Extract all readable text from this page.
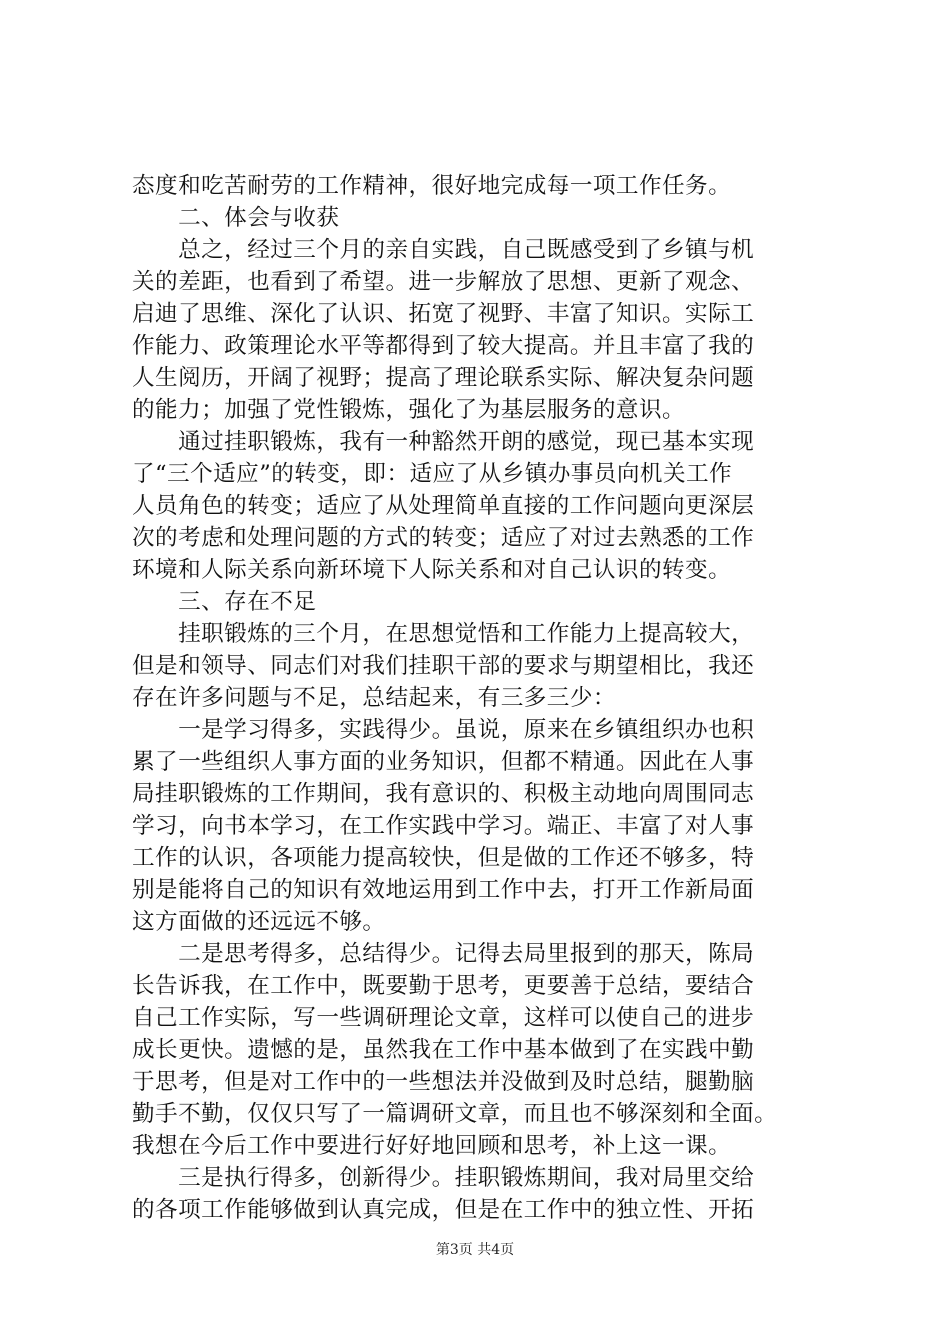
态度和吃苦耐劳的工作精神，很好地完成每一项工作任务。
　　二、体会与收获
　　总之，经过三个月的亲自实践，自己既感受到了乡镇与机
关的差距，也看到了希望。进一步解放了思想、更新了观念、
启迪了思维、深化了认识、拓宽了视野、丰富了知识。实际工
作能力、政策理论水平等都得到了较大提高。并且丰富了我的
人生阅历，开阔了视野；提高了理论联系实际、解决复杂问题
的能力；加强了党性锻炼，强化了为基层服务的意识。
　　通过挂职锻炼，我有一种豁然开朗的感觉，现已基本实现
了“三个适应”的转变，即：适应了从乡镇办事员向机关工作
人员角色的转变；适应了从处理简单直接的工作问题向更深层
次的考虑和处理问题的方式的转变；适应了对过去熟悉的工作
环境和人际关系向新环境下人际关系和对自己认识的转变。
　　三、存在不足
　　挂职锻炼的三个月，在思想觉悟和工作能力上提高较大，
但是和领导、同志们对我们挂职干部的要求与期望相比，我还
存在许多问题与不足，总结起来，有三多三少：
　　一是学习得多，实践得少。虽说，原来在乡镇组织办也积
累了一些组织人事方面的业务知识，但都不精通。因此在人事
局挂职锻炼的工作期间，我有意识的、积极主动地向周围同志
学习，向书本学习，在工作实践中学习。端正、丰富了对人事
工作的认识，各项能力提高较快，但是做的工作还不够多，特
别是能将自己的知识有效地运用到工作中去，打开工作新局面
这方面做的还远远不够。
　　二是思考得多，总结得少。记得去局里报到的那天，陈局
长告诉我，在工作中，既要勤于思考，更要善于总结，要结合
自己工作实际，写一些调研理论文章，这样可以使自己的进步
成长更快。遗憾的是，虽然我在工作中基本做到了在实践中勤
于思考，但是对工作中的一些想法并没做到及时总结，腿勤脑
勤手不勤，仅仅只写了一篇调研文章，而且也不够深刻和全面。
我想在今后工作中要进行好好地回顾和思考，补上这一课。
　　三是执行得多，创新得少。挂职锻炼期间，我对局里交给
的各项工作能够做到认真完成，但是在工作中的独立性、开拓
第3页 共4页
